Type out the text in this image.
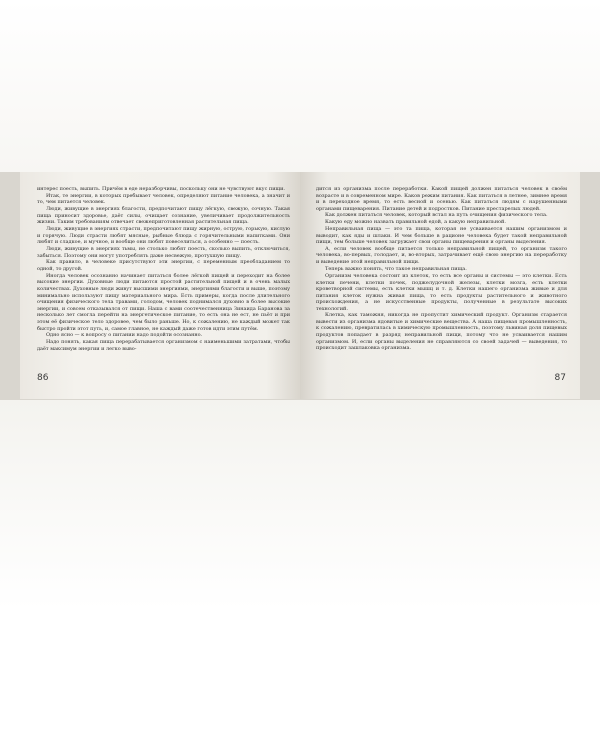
интерес поесть, выпить. Причём в еде неразборчивы, поскольку они не чувствуют вкус пищи.

Итак, те энергии, в которых пребывает человек, определяют питание человека, а значит и то, чем питается человек.

Люди, живущие в энергиях благости, предпочитают пищу лёгкую, свежую, сочную. Такая пища приносит здоровье, даёт силы, очищает сознание, увеличивает продолжительность жизни. Таким требованиям отвечает свежеприготовленная растительная пища.

Люди, живущие в энергиях страсти, предпочитают пищу жирную, острую, горькую, кислую и горячую. Люди страсти любят мясные, рыбные блюда с горячительными напитками. Они любят и сладкое, и мучное, и вообще они любят повеселиться, а особенно — поесть.

Люди, живущие в энергиях тьмы, не столько любят поесть, сколько выпить, отключиться, забыться. Поэтому они могут употреблять даже несвежую, протухшую пищу.

Как правило, в человеке присутствуют эти энергии, с переменным преобладанием то одной, то другой.

Иногда человек осознанно начинает питаться более лёгкой пищей и переходит на более высокие энергии. Духовные люди питаются простой растительной пищей и в очень малых количествах. Духовные люди живут высшими энергиями, энергиями благости и выше, поэтому минимально используют пищу материального мира. Есть примеры, когда после длительного очищения физического тела травами, голодом, человек поднимался духовно в более высокие энергии, и совсем отказывался от пищи. Наша с вами соотечественница Зинаида Баранова за несколько лет смогла перейти на энергетическое питание, то есть она не ест, не пьёт и при этом её физическое тело здоровее, чем было раньше. Но, к сожалению, не каждый может так быстро пройти этот путь, и, самое главное, не каждый даже готов идти этим путём.

Одно ясно — к вопросу о питании надо подойти осознанно.

Надо понять, какая пища перерабатывается организмом с наименьшими затратами, чтобы даёт максимум энергии и легко выво-

86

дится из организма после переработки. Какой пищей должен питаться человек в своём возрасте и в современном мире. Каков режим питания. Как питаться в летнее, зимнее время и в переходное время, то есть весной и осенью. Как питаться людям с нарушенными органами пищеварения. Питание детей и подростков. Питание престарелых людей.

Как должен питаться человек, который встал на путь очищения физического тела.

Какую еду можно назвать правильной едой, а какую неправильной.

Неправильная пища — это та пища, которая не усваивается нашим организмом и выводит, как яды и шлаки. И чем больше в рационе человека будет такой неправильной пищи, тем больше человек загружает свои органы пищеварения и органы выделения.

А, если человек вообще питается только неправильной пищей, то организм такого человека, во-первых, голодает, и, во-вторых, затрачивает ещё свою энергию на переработку и выведение этой неправильной пищи.

Теперь важно понять, что такое неправильная пища.

Организм человека состоит из клеток, то есть все органы и системы — это клетки. Есть клетки печени, клетки почек, поджелудочной железы, клетки мозга, есть клетки кроветворной системы, есть клетки мышц и т. д. Клетки нашего организма живые и для питания клеток нужна живая пища, то есть продукты растительного и животного происхождения, а не искусственные продукты, полученные в результате высоких технологий.

Клетка, как таможня, никогда не пропустит химический продукт. Организм старается вывести из организма ядовитые и химические вещества. А наша пищевая промышленность, к сожалению, превратилась в химическую промышленность, поэтому львиная доля пищевых продуктов попадает в разряд неправильной пищи, потому что не усваивается нашим организмом. И, если органы выделения не справляются со своей задачей — выведения, то происходит зашлаковка организма.

87
